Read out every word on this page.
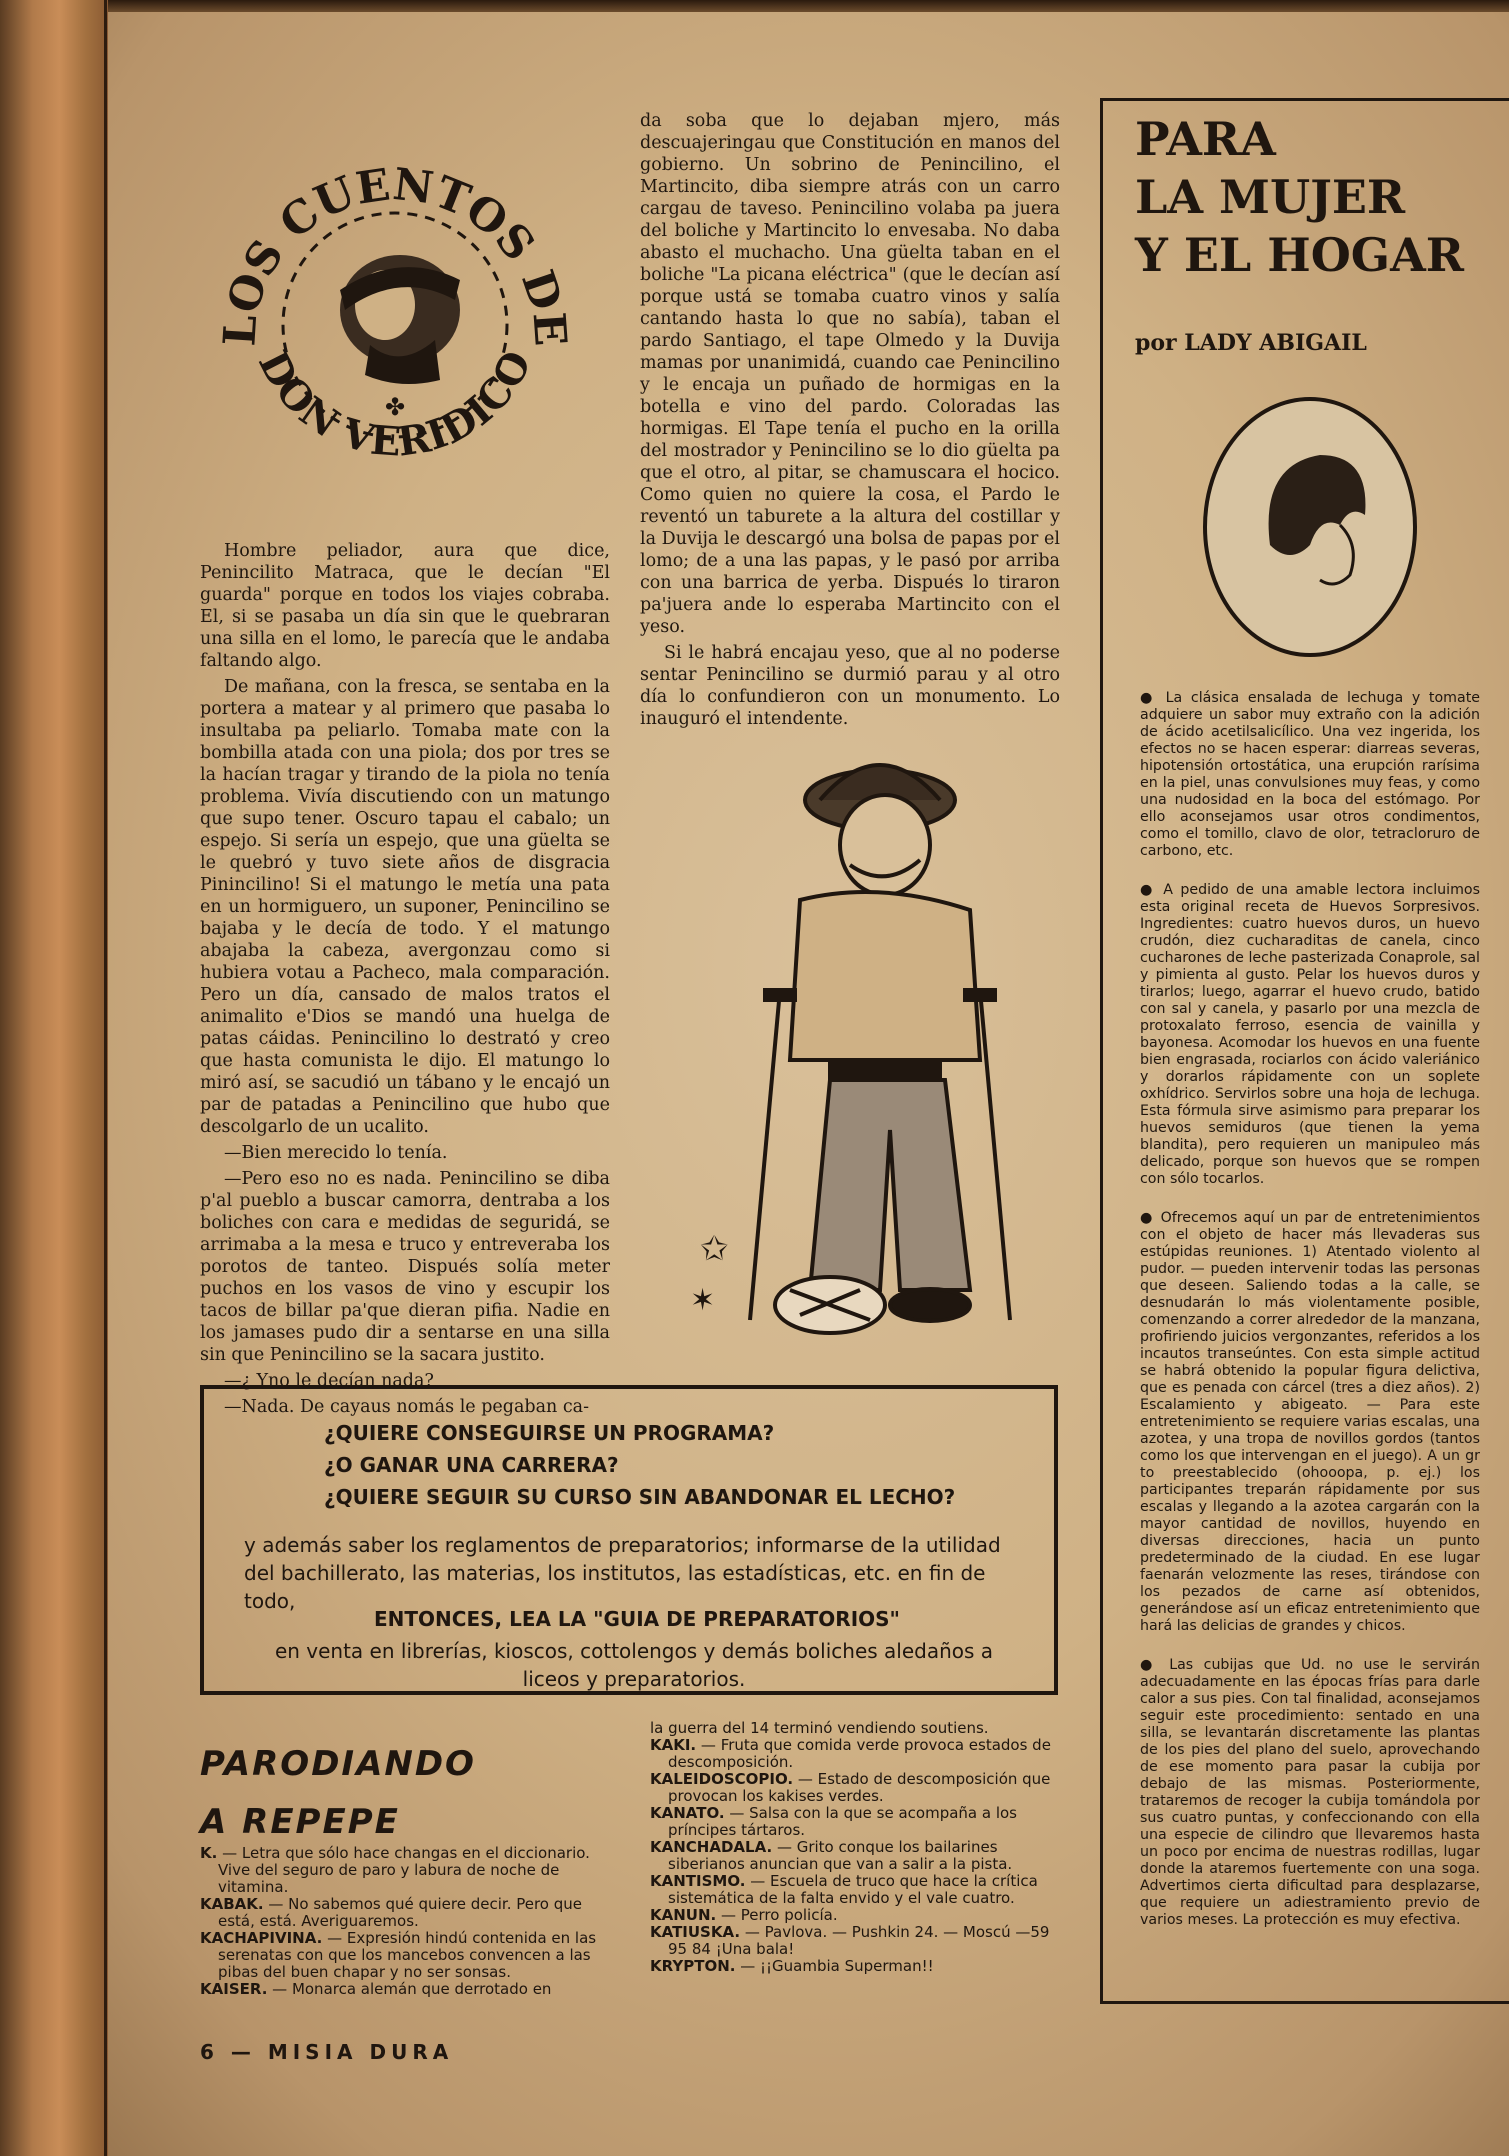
LOS CUENTOS DE
DON VERIDICO
✤

Hombre peliador, aura que dice, Penincilito Matraca, que le decían "El guarda" porque en todos los viajes cobraba. El, si se pasaba un día sin que le quebraran una silla en el lomo, le parecía que le andaba faltando algo.

De mañana, con la fresca, se sentaba en la portera a matear y al primero que pasaba lo insultaba pa peliarlo. Tomaba mate con la bombilla atada con una piola; dos por tres se la hacían tragar y tirando de la piola no tenía problema. Vivía discutiendo con un matungo que supo tener. Oscuro tapau el cabalo; un espejo. Si sería un espejo, que una güelta se le quebró y tuvo siete años de disgracia Pinincilino! Si el matungo le metía una pata en un hormiguero, un suponer, Penincilino se bajaba y le decía de todo. Y el matungo abajaba la cabeza, avergonzau como si hubiera votau a Pacheco, mala comparación. Pero un día, cansado de malos tratos el animalito e'Dios se mandó una huelga de patas cáidas. Penincilino lo destrató y creo que hasta comunista le dijo. El matungo lo miró así, se sacudió un tábano y le encajó un par de patadas a Penincilino que hubo que descolgarlo de un ucalito.

—Bien merecido lo tenía.

—Pero eso no es nada. Penincilino se diba p'al pueblo a buscar camorra, dentraba a los boliches con cara e medidas de seguridá, se arrimaba a la mesa e truco y entreveraba los porotos de tanteo. Dispués solía meter puchos en los vasos de vino y escupir los tacos de billar pa'que dieran pifia. Nadie en los jamases pudo dir a sentarse en una silla sin que Penincilino se la sacara justito.

—¿ Yno le decían nada?

—Nada. De cayaus nomás le pegaban ca-

da soba que lo dejaban mjero, más descuajeringau que Constitución en manos del gobierno. Un sobrino de Penincilino, el Martincito, diba siempre atrás con un carro cargau de taveso. Penincilino volaba pa juera del boliche y Martincito lo envesaba. No daba abasto el muchacho. Una güelta taban en el boliche "La picana eléctrica" (que le decían así porque ustá se tomaba cuatro vinos y salía cantando hasta lo que no sabía), taban el pardo Santiago, el tape Olmedo y la Duvija mamas por unanimidá, cuando cae Penincilino y le encaja un puñado de hormigas en la botella e vino del pardo. Coloradas las hormigas. El Tape tenía el pucho en la orilla del mostrador y Penincilino se lo dio güelta pa que el otro, al pitar, se chamuscara el hocico. Como quien no quiere la cosa, el Pardo le reventó un taburete a la altura del costillar y la Duvija le descargó una bolsa de papas por el lomo; de a una las papas, y le pasó por arriba con una barrica de yerba. Dispués lo tiraron pa'juera ande lo esperaba Martincito con el yeso.

Si le habrá encajau yeso, que al no poderse sentar Penincilino se durmió parau y al otro día lo confundieron con un monumento. Lo inauguró el intendente.

✩
✶
PARA
LA MUJER
Y EL HOGAR
por LADY ABIGAIL

● La clásica ensalada de lechuga y tomate adquiere un sabor muy extraño con la adición de ácido acetilsalicílico. Una vez ingerida, los efectos no se hacen esperar: diarreas severas, hipotensión ortostática, una erupción rarísima en la piel, unas convulsiones muy feas, y como una nudosidad en la boca del estómago. Por ello aconsejamos usar otros condimentos, como el tomillo, clavo de olor, tetracloruro de carbono, etc.

● A pedido de una amable lectora incluimos esta original receta de Huevos Sorpresivos. Ingredientes: cuatro huevos duros, un huevo crudón, diez cucharaditas de canela, cinco cucharones de leche pasterizada Conaprole, sal y pimienta al gusto. Pelar los huevos duros y tirarlos; luego, agarrar el huevo crudo, batido con sal y canela, y pasarlo por una mezcla de protoxalato ferroso, esencia de vainilla y bayonesa. Acomodar los huevos en una fuente bien engrasada, rociarlos con ácido valeriánico y dorarlos rápidamente con un soplete oxhídrico. Servirlos sobre una hoja de lechuga. Esta fórmula sirve asimismo para preparar los huevos semiduros (que tienen la yema blandita), pero requieren un manipuleo más delicado, porque son huevos que se rompen con sólo tocarlos.

● Ofrecemos aquí un par de entretenimientos con el objeto de hacer más llevaderas sus estúpidas reuniones. 1) Atentado violento al pudor. — pueden intervenir todas las personas que deseen. Saliendo todas a la calle, se desnudarán lo más violentamente posible, comenzando a correr alrededor de la manzana, profiriendo juicios vergonzantes, referidos a los incautos transeúntes. Con esta simple actitud se habrá obtenido la popular figura delictiva, que es penada con cárcel (tres a diez años). 2) Escalamiento y abigeato. — Para este entretenimiento se requiere varias escalas, una azotea, y una tropa de novillos gordos (tantos como los que intervengan en el juego). A un gr to preestablecido (ohooopa, p. ej.) los participantes treparán rápidamente por sus escalas y llegando a la azotea cargarán con la mayor cantidad de novillos, huyendo en diversas direcciones, hacia un punto predeterminado de la ciudad. En ese lugar faenarán velozmente las reses, tirándose con los pezados de carne así obtenidos, generándose así un eficaz entretenimiento que hará las delicias de grandes y chicos.

● Las cubijas que Ud. no use le servirán adecuadamente en las épocas frías para darle calor a sus pies. Con tal finalidad, aconsejamos seguir este procedimiento: sentado en una silla, se levantarán discretamente las plantas de los pies del plano del suelo, aprovechando de ese momento para pasar la cubija por debajo de las mismas. Posteriormente, trataremos de recoger la cubija tomándola por sus cuatro puntas, y confeccionando con ella una especie de cilindro que llevaremos hasta un poco por encima de nuestras rodillas, lugar donde la ataremos fuertemente con una soga. Advertimos cierta dificultad para desplazarse, que requiere un adiestramiento previo de varios meses. La protección es muy efectiva.

¿QUIERE CONSEGUIRSE UN PROGRAMA?
¿O GANAR UNA CARRERA?
¿QUIERE SEGUIR SU CURSO SIN ABANDONAR EL LECHO?
y además saber los reglamentos de preparatorios; informarse de la utilidad del bachillerato, las materias, los institutos, las estadísticas, etc. en fin de todo,
ENTONCES, LEA LA "GUIA DE PREPARATORIOS"
en venta en librerías, kioscos, cottolengos y demás boliches aledaños a liceos y preparatorios.
PARODIANDO
A REPEPE

K. — Letra que sólo hace changas en el diccionario. Vive del seguro de paro y labura de noche de vitamina.

KABAK. — No sabemos qué quiere decir. Pero que está, está. Averiguaremos.

KACHAPIVINA. — Expresión hindú contenida en las serenatas con que los mancebos convencen a las pibas del buen chapar y no ser sonsas.

KAISER. — Monarca alemán que derrotado en

la guerra del 14 terminó vendiendo soutiens.

KAKI. — Fruta que comida verde provoca estados de descomposición.

KALEIDOSCOPIO. — Estado de descomposición que provocan los kakises verdes.

KANATO. — Salsa con la que se acompaña a los príncipes tártaros.

KANCHADALA. — Grito conque los bailarines siberianos anuncian que van a salir a la pista.

KANTISMO. — Escuela de truco que hace la crítica sistemática de la falta envido y el vale cuatro.

KANUN. — Perro policía.

KATIUSKA. — Pavlova. — Pushkin 24. — Moscú —59 95 84 ¡Una bala!

KRYPTON. — ¡¡Guambia Superman!!

6 — MISIA DURA
